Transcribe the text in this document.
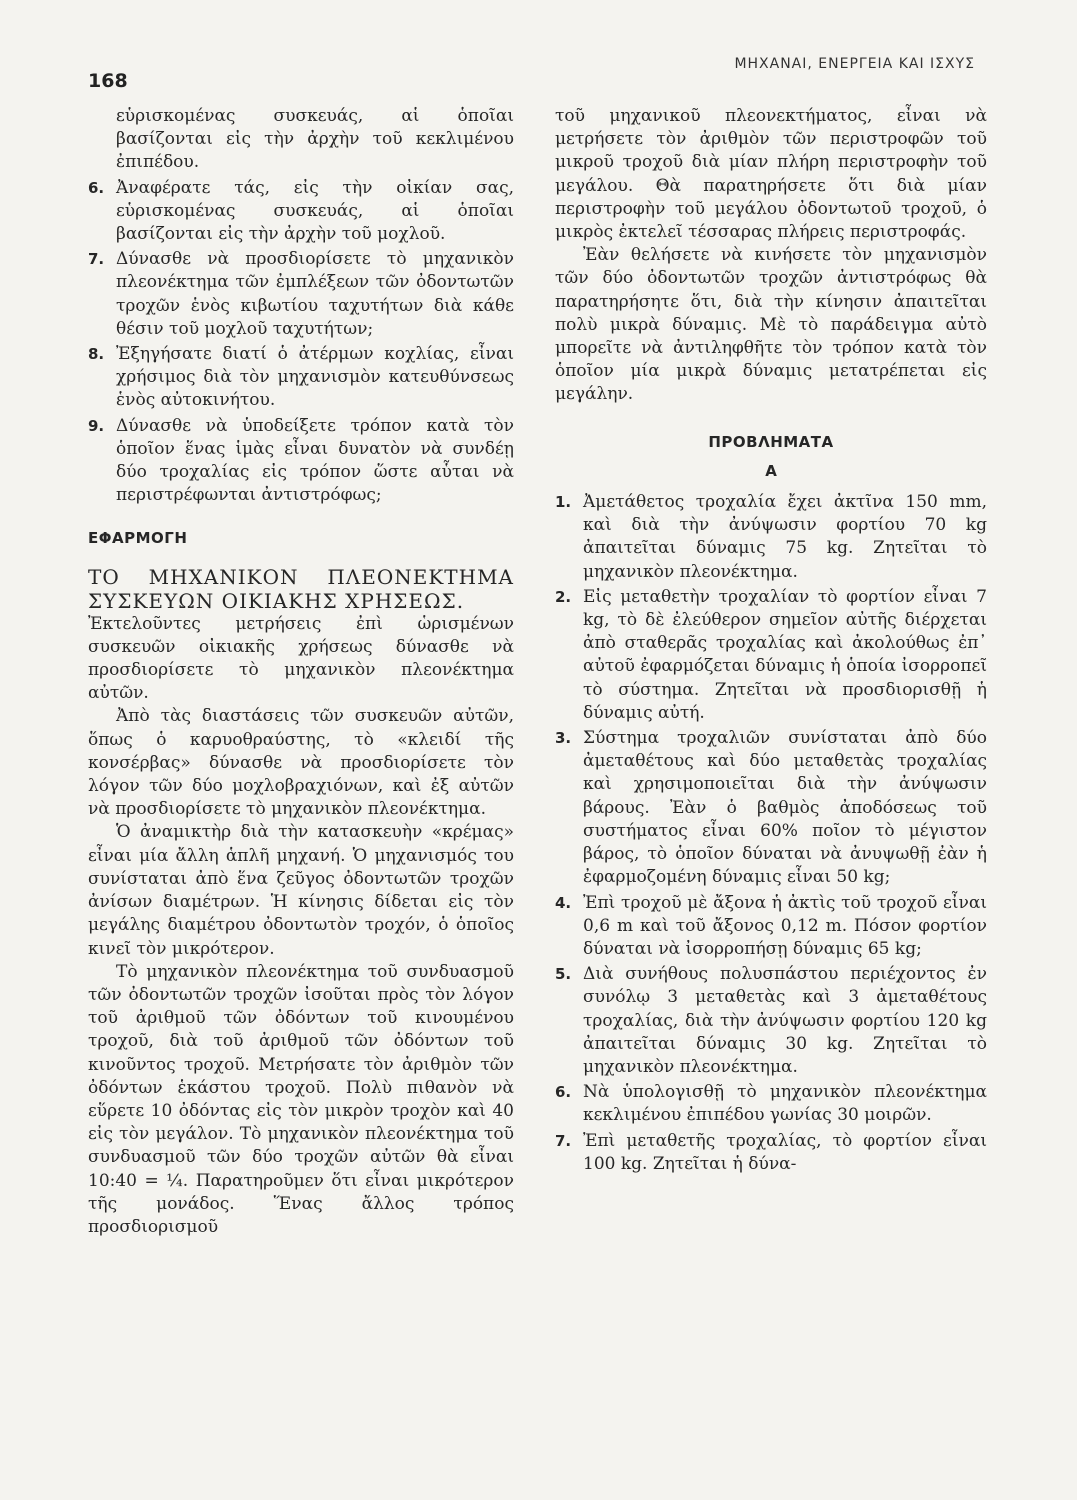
168
ΜΗΧΑΝΑΙ, ΕΝΕΡΓΕΙΑ ΚΑΙ ΙΣΧΥΣ

εὑρισκομένας συσκευάς, αἱ ὁποῖαι βασίζονται εἰς τὴν ἀρχὴν τοῦ κεκλιμένου ἐπιπέδου.

6. Ἀναφέρατε τάς, εἰς τὴν οἰκίαν σας, εὑρισκομένας συσκευάς, αἱ ὁποῖαι βασίζονται εἰς τὴν ἀρχὴν τοῦ μοχλοῦ.
7. Δύνασθε νὰ προσδιορίσετε τὸ μηχανικὸν πλεονέκτημα τῶν ἐμπλέξεων τῶν ὀδοντωτῶν τροχῶν ἑνὸς κιβωτίου ταχυτήτων διὰ κάθε θέσιν τοῦ μοχλοῦ ταχυτήτων;
8. Ἐξηγήσατε διατί ὁ ἀτέρμων κοχλίας, εἶναι χρήσιμος διὰ τὸν μηχανισμὸν κατευθύνσεως ἑνὸς αὐτοκινήτου.
9. Δύνασθε νὰ ὑποδείξετε τρόπον κατὰ τὸν ὁποῖον ἕνας ἱμὰς εἶναι δυνατὸν νὰ συνδέῃ δύο τροχαλίας εἰς τρόπον ὥστε αὗται νὰ περιστρέφωνται ἀντιστρόφως;
ΕΦΑΡΜΟΓΗ

ΤΟ ΜΗΧΑΝΙΚΟΝ ΠΛΕΟΝΕΚΤΗΜΑ ΣΥΣΚΕΥΩΝ ΟΙΚΙΑΚΗΣ ΧΡΗΣΕΩΣ.

Ἐκτελοῦντες μετρήσεις ἐπὶ ὡρισμένων συσκευῶν οἰκιακῆς χρήσεως δύνασθε νὰ προσδιορίσετε τὸ μηχανικὸν πλεονέκτημα αὐτῶν.

Ἀπὸ τὰς διαστάσεις τῶν συσκευῶν αὐτῶν, ὅπως ὁ καρυοθραύστης, τὸ «κλειδί τῆς κονσέρβας» δύνασθε νὰ προσδιορίσετε τὸν λόγον τῶν δύο μοχλοβραχιόνων, καὶ ἐξ αὐτῶν νὰ προσδιορίσετε τὸ μηχανικὸν πλεονέκτημα.

Ὁ ἀναμικτὴρ διὰ τὴν κατασκευὴν «κρέμας» εἶναι μία ἄλλη ἁπλῆ μηχανή. Ὁ μηχανισμός του συνίσταται ἀπὸ ἕνα ζεῦγος ὀδοντωτῶν τροχῶν ἀνίσων διαμέτρων. Ἡ κίνησις δίδεται εἰς τὸν μεγάλης διαμέτρου ὀδοντωτὸν τροχόν, ὁ ὁποῖος κινεῖ τὸν μικρότερον.

Τὸ μηχανικὸν πλεονέκτημα τοῦ συνδυασμοῦ τῶν ὀδοντωτῶν τροχῶν ἰσοῦται πρὸς τὸν λόγον τοῦ ἀριθμοῦ τῶν ὀδόντων τοῦ κινουμένου τροχοῦ, διὰ τοῦ ἀριθμοῦ τῶν ὀδόντων τοῦ κινοῦντος τροχοῦ. Μετρήσατε τὸν ἀριθμὸν τῶν ὀδόντων ἑκάστου τροχοῦ. Πολὺ πιθανὸν νὰ εὕρετε 10 ὀδόντας εἰς τὸν μικρὸν τροχὸν καὶ 40 εἰς τὸν μεγάλον. Τὸ μηχανικὸν πλεονέκτημα τοῦ συνδυασμοῦ τῶν δύο τροχῶν αὐτῶν θὰ εἶναι 10:40 = ¼. Παρατηροῦμεν ὅτι εἶναι μικρότερον τῆς μονάδος. Ἕνας ἄλλος τρόπος προσδιορισμοῦ

τοῦ μηχανικοῦ πλεονεκτήματος, εἶναι νὰ μετρήσετε τὸν ἀριθμὸν τῶν περιστροφῶν τοῦ μικροῦ τροχοῦ διὰ μίαν πλήρη περιστροφὴν τοῦ μεγάλου. Θὰ παρατηρήσετε ὅτι διὰ μίαν περιστροφὴν τοῦ μεγάλου ὀδοντωτοῦ τροχοῦ, ὁ μικρὸς ἐκτελεῖ τέσσαρας πλήρεις περιστροφάς.

Ἐὰν θελήσετε νὰ κινήσετε τὸν μηχανισμὸν τῶν δύο ὀδοντωτῶν τροχῶν ἀντιστρόφως θὰ παρατηρήσητε ὅτι, διὰ τὴν κίνησιν ἀπαιτεῖται πολὺ μικρὰ δύναμις. Μὲ τὸ παράδειγμα αὐτὸ μπορεῖτε νὰ ἀντιληφθῆτε τὸν τρόπον κατὰ τὸν ὁποῖον μία μικρὰ δύναμις μετατρέπεται εἰς μεγάλην.

ΠΡΟΒΛΗΜΑΤΑ
Α
1. Ἀμετάθετος τροχαλία ἔχει ἀκτῖνα 150 mm, καὶ διὰ τὴν ἀνύψωσιν φορτίου 70 kg ἀπαιτεῖται δύναμις 75 kg. Ζητεῖται τὸ μηχανικὸν πλεονέκτημα.
2. Εἰς μεταθετὴν τροχαλίαν τὸ φορτίον εἶναι 7 kg, τὸ δὲ ἐλεύθερον σημεῖον αὐτῆς διέρχεται ἀπὸ σταθερᾶς τροχαλίας καὶ ἀκολούθως ἐπ᾽ αὐτοῦ ἐφαρμόζεται δύναμις ἡ ὁποία ἰσορροπεῖ τὸ σύστημα. Ζητεῖται νὰ προσδιορισθῇ ἡ δύναμις αὐτή.
3. Σύστημα τροχαλιῶν συνίσταται ἀπὸ δύο ἀμεταθέτους καὶ δύο μεταθετὰς τροχαλίας καὶ χρησιμοποιεῖται διὰ τὴν ἀνύψωσιν βάρους. Ἐὰν ὁ βαθμὸς ἀποδόσεως τοῦ συστήματος εἶναι 60% ποῖον τὸ μέγιστον βάρος, τὸ ὁποῖον δύναται νὰ ἀνυψωθῇ ἐὰν ἡ ἐφαρμοζομένη δύναμις εἶναι 50 kg;
4. Ἐπὶ τροχοῦ μὲ ἄξονα ἡ ἀκτὶς τοῦ τροχοῦ εἶναι 0,6 m καὶ τοῦ ἄξονος 0,12 m. Πόσον φορτίον δύναται νὰ ἰσορροπήσῃ δύναμις 65 kg;
5. Διὰ συνήθους πολυσπάστου περιέχοντος ἐν συνόλῳ 3 μεταθετὰς καὶ 3 ἀμεταθέτους τροχαλίας, διὰ τὴν ἀνύψωσιν φορτίου 120 kg ἀπαιτεῖται δύναμις 30 kg. Ζητεῖται τὸ μηχανικὸν πλεονέκτημα.
6. Νὰ ὑπολογισθῇ τὸ μηχανικὸν πλεονέκτημα κεκλιμένου ἐπιπέδου γωνίας 30 μοιρῶν.
7. Ἐπὶ μεταθετῆς τροχαλίας, τὸ φορτίον εἶναι 100 kg. Ζητεῖται ἡ δύνα-
